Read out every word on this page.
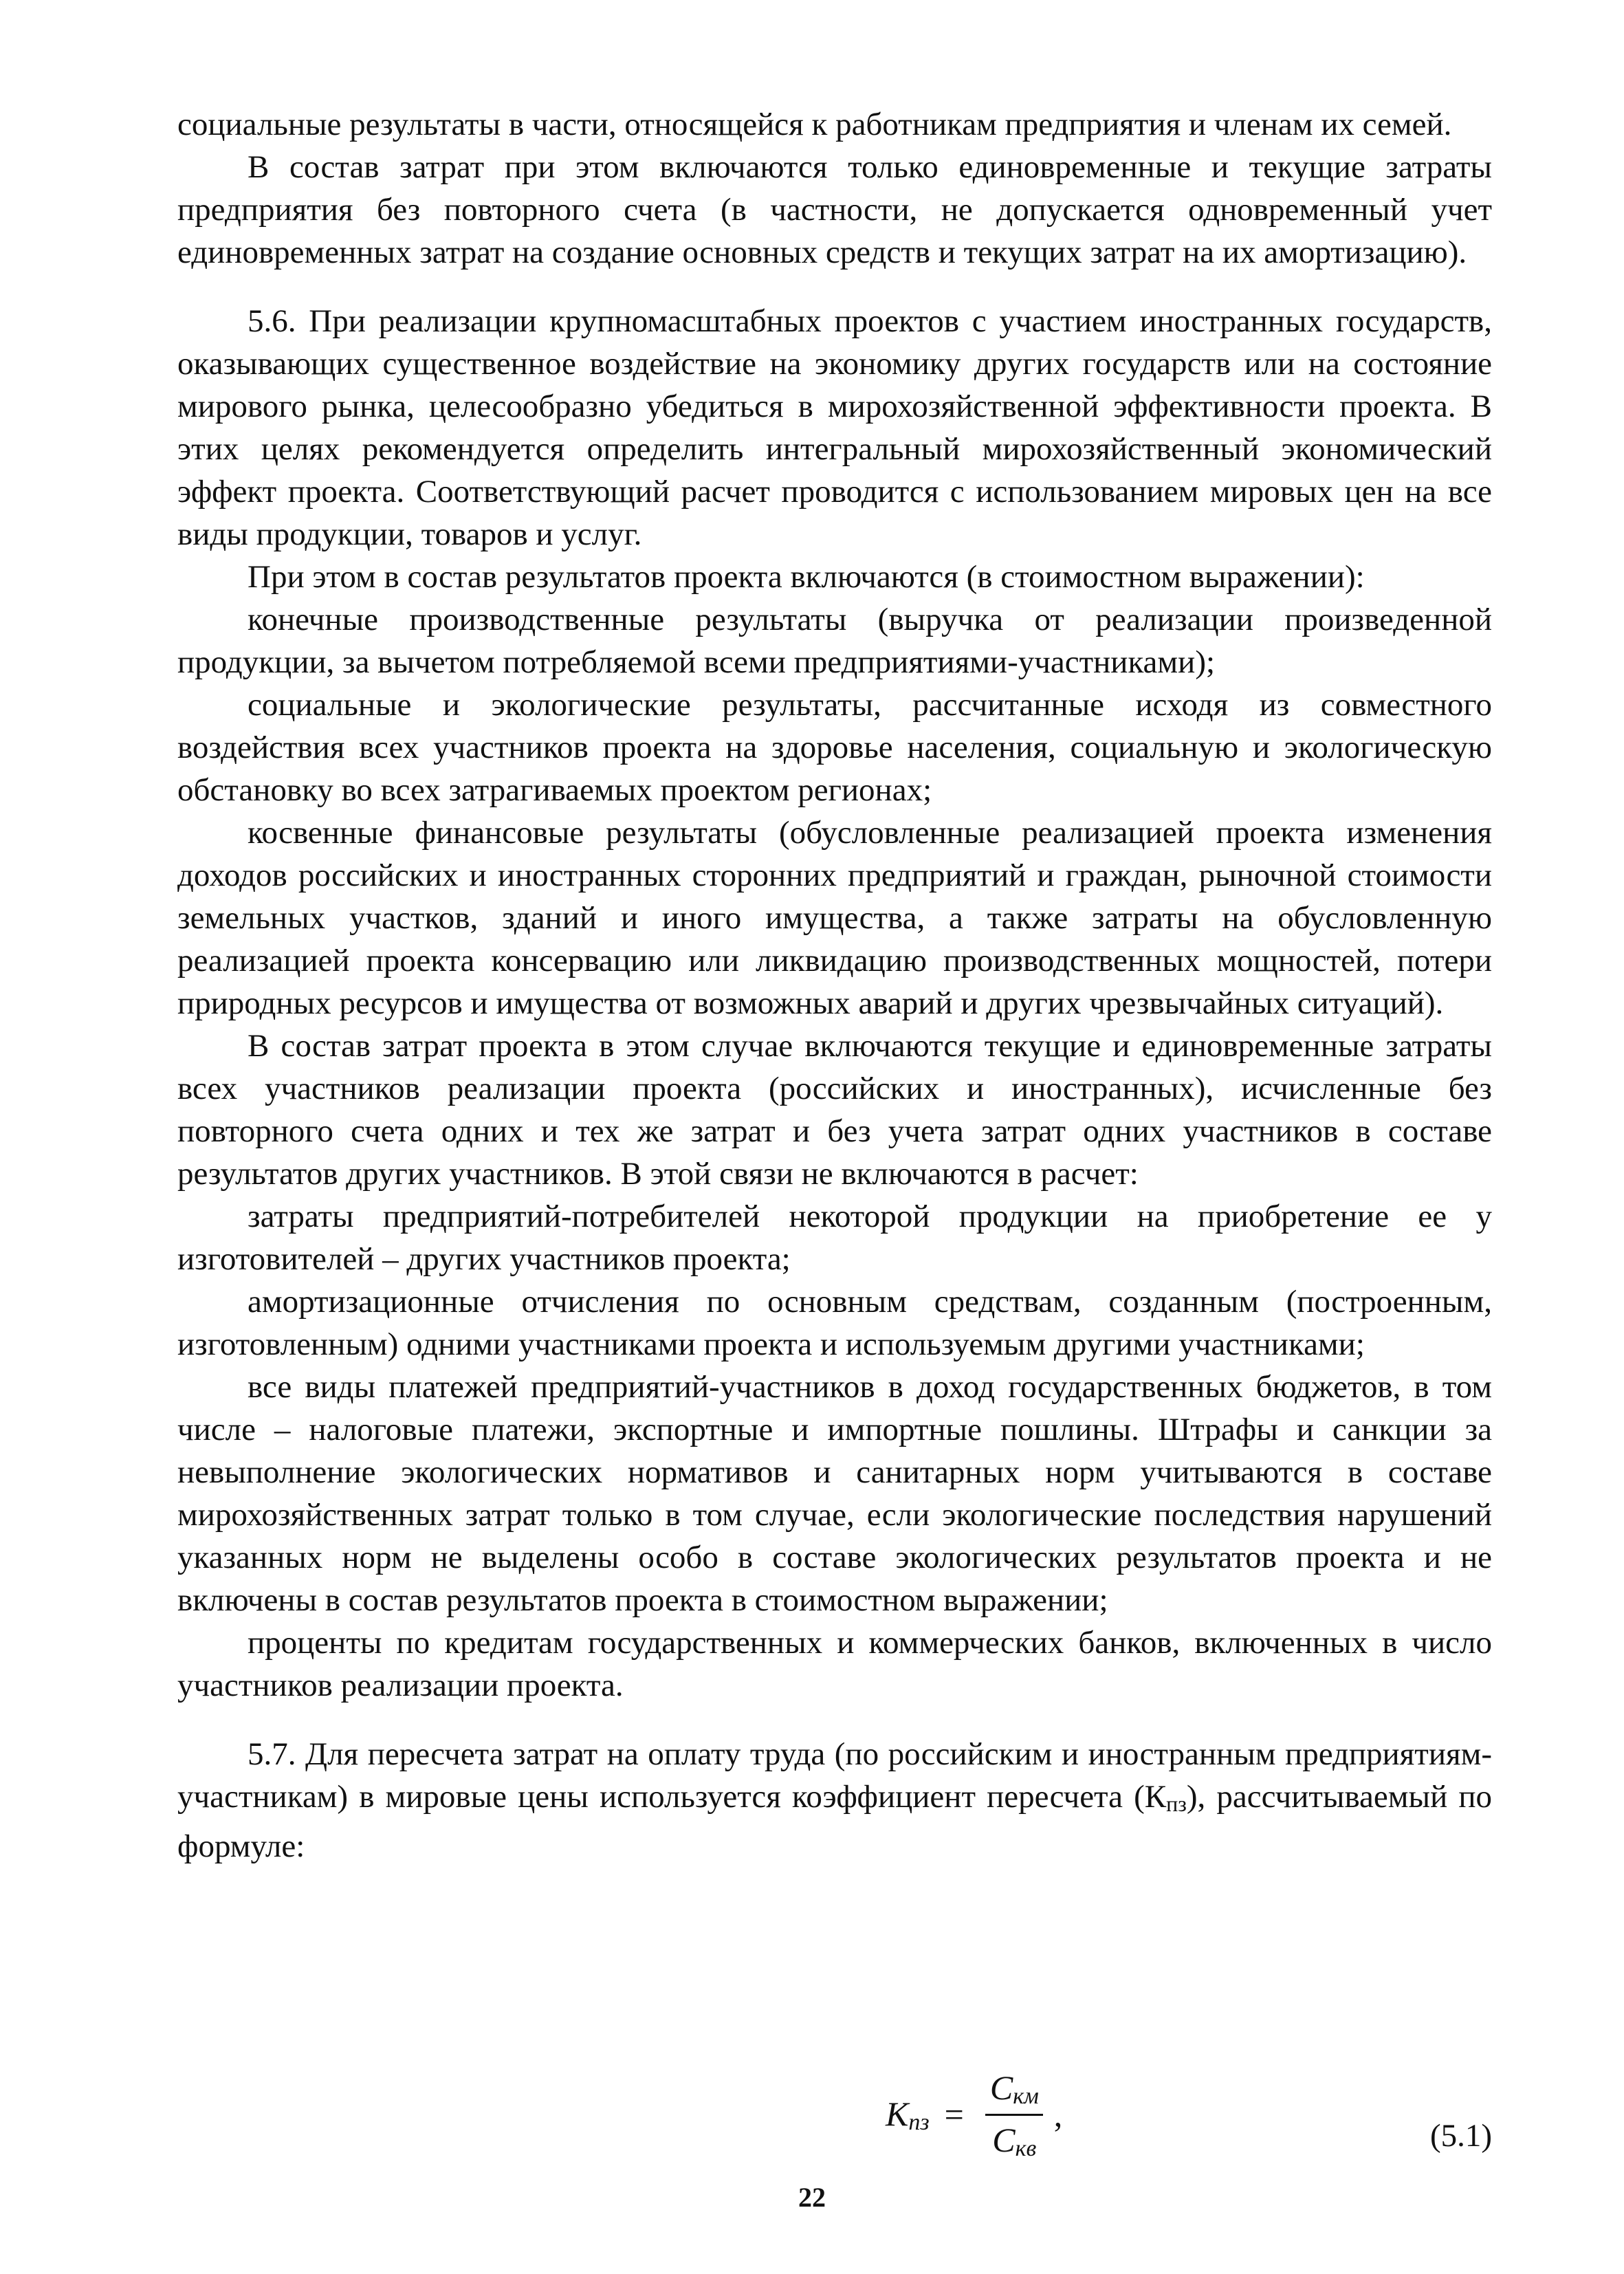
социальные результаты в части, относящейся к работникам предприятия и членам их семей.

В состав затрат при этом включаются только единовременные и текущие затраты предприятия без повторного счета (в частности, не допускается одновременный учет единовременных затрат на создание основных средств и текущих затрат на их амортизацию).

5.6. При реализации крупномасштабных проектов с участием иностранных государств, оказывающих существенное воздействие на экономику других государств или на состояние мирового рынка, целесообразно убедиться в мирохозяйственной эффективности проекта. В этих целях рекомендуется определить интегральный мирохозяйственный экономический эффект проекта. Соответствующий расчет проводится с использованием мировых цен на все виды продукции, товаров и услуг.

При этом в состав результатов проекта включаются (в стоимостном выражении):

конечные производственные результаты (выручка от реализации произведенной продукции, за вычетом потребляемой всеми предприятиями-участниками);

социальные и экологические результаты, рассчитанные исходя из совместного воздействия всех участников проекта на здоровье населения, социальную и экологическую обстановку во всех затрагиваемых проектом регионах;

косвенные финансовые результаты (обусловленные реализацией проекта изменения доходов российских и иностранных сторонних предприятий и граждан, рыночной стоимости земельных участков, зданий и иного имущества, а также затраты на обусловленную реализацией проекта консервацию или ликвидацию производственных мощностей, потери природных ресурсов и имущества от возможных аварий и других чрезвычайных ситуаций).

В состав затрат проекта в этом случае включаются текущие и единовременные затраты всех участников реализации проекта (российских и иностранных), исчисленные без повторного счета одних и тех же затрат и без учета затрат одних участников в составе результатов других участников. В этой связи не включаются в расчет:

затраты предприятий-потребителей некоторой продукции на приобретение ее у изготовителей – других участников проекта;

амортизационные отчисления по основным средствам, созданным (построенным, изготовленным) одними участниками проекта и используемым другими участниками;

все виды платежей предприятий-участников в доход государственных бюджетов, в том числе – налоговые платежи, экспортные и импортные пошлины. Штрафы и санкции за невыполнение экологических нормативов и санитарных норм учитываются в составе мирохозяйственных затрат только в том случае, если экологические последствия нарушений указанных норм не выделены особо в составе экологических результатов проекта и не включены в состав результатов проекта в стоимостном выражении;

проценты по кредитам государственных и коммерческих банков, включенных в число участников реализации проекта.

5.7. Для пересчета затрат на оплату труда (по российским и иностранным предприятиям-участникам) в мировые цены используется коэффициент пересчета (Кпз), рассчитываемый по формуле:

$K_{пз} = \frac{C_{км}}{C_{кв}}$ ,
(5.1)
22
